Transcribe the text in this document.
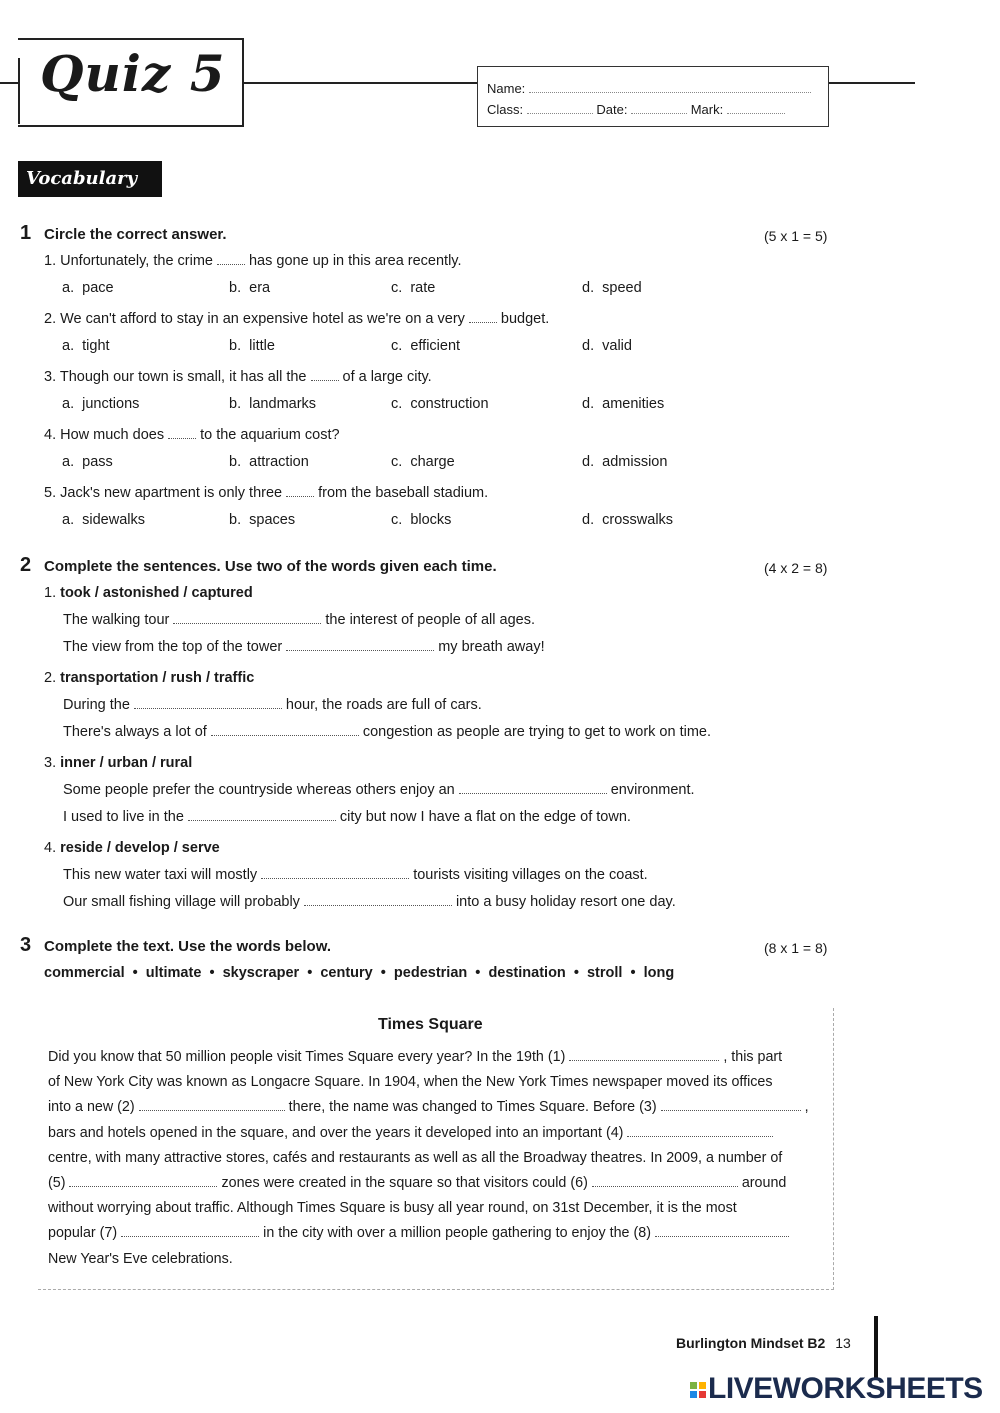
Quiz 5	Name:
Class:	Date:	Mark:
Vocabulary
1 Circle the correct answer.	(5 x 1 = 5)
1. Unfortunately, the crime has gone up in this area recently.
a.  pace	b.  era	c.  rate	d.  speed
2. We can't afford to stay in an expensive hotel as we're on a very budget.
a.  tight	b.  little	c.  efficient	d.  valid
3. Though our town is small, it has all the of a large city.
a.  junctions	b.  landmarks	c.  construction	d.  amenities
4. How much does to the aquarium cost?
a.  pass	b.  attraction	c.  charge	d.  admission
5. Jack's new apartment is only three from the baseball stadium.
a.  sidewalks	b.  spaces	c.  blocks	d.  crosswalks
2 Complete the sentences. Use two of the words given each time.	(4 x 2 = 8)
1. took / astonished / captured
The walking tour	the interest of people of all ages.
The view from the top of the tower	my breath away!
2. transportation / rush / traffic
During the	hour, the roads are full of cars.
There's always a lot of	congestion as people are trying to get to work on time.
3. inner / urban / rural
Some people prefer the countryside whereas others enjoy an	environment.
I used to live in the	city but now I have a flat on the edge of town.
4. reside / develop / serve
This new water taxi will mostly	tourists visiting villages on the coast.
Our small fishing village will probably	into a busy holiday resort one day.
3 Complete the text. Use the words below.	(8 x 1 = 8)
commercial  •  ultimate  •  skyscraper  •  century  •  pedestrian  •  destination  •  stroll  •  long
Times Square
Did you know that 50 million people visit Times Square every year? In the 19th (1)	, this part
of New York City was known as Longacre Square. In 1904, when the New York Times newspaper moved its offices
into a new (2)	there, the name was changed to Times Square. Before (3)	,
bars and hotels opened in the square, and over the years it developed into an important (4)
centre, with many attractive stores, cafés and restaurants as well as all the Broadway theatres. In 2009, a number of
(5)	zones were created in the square so that visitors could (6)	around
without worrying about traffic. Although Times Square is busy all year round, on 31st December, it is the most
popular (7)	in the city with over a million people gathering to enjoy the (8)
New Year's Eve celebrations.
Burlington Mindset B2 13
LIVEWORKSHEETS
